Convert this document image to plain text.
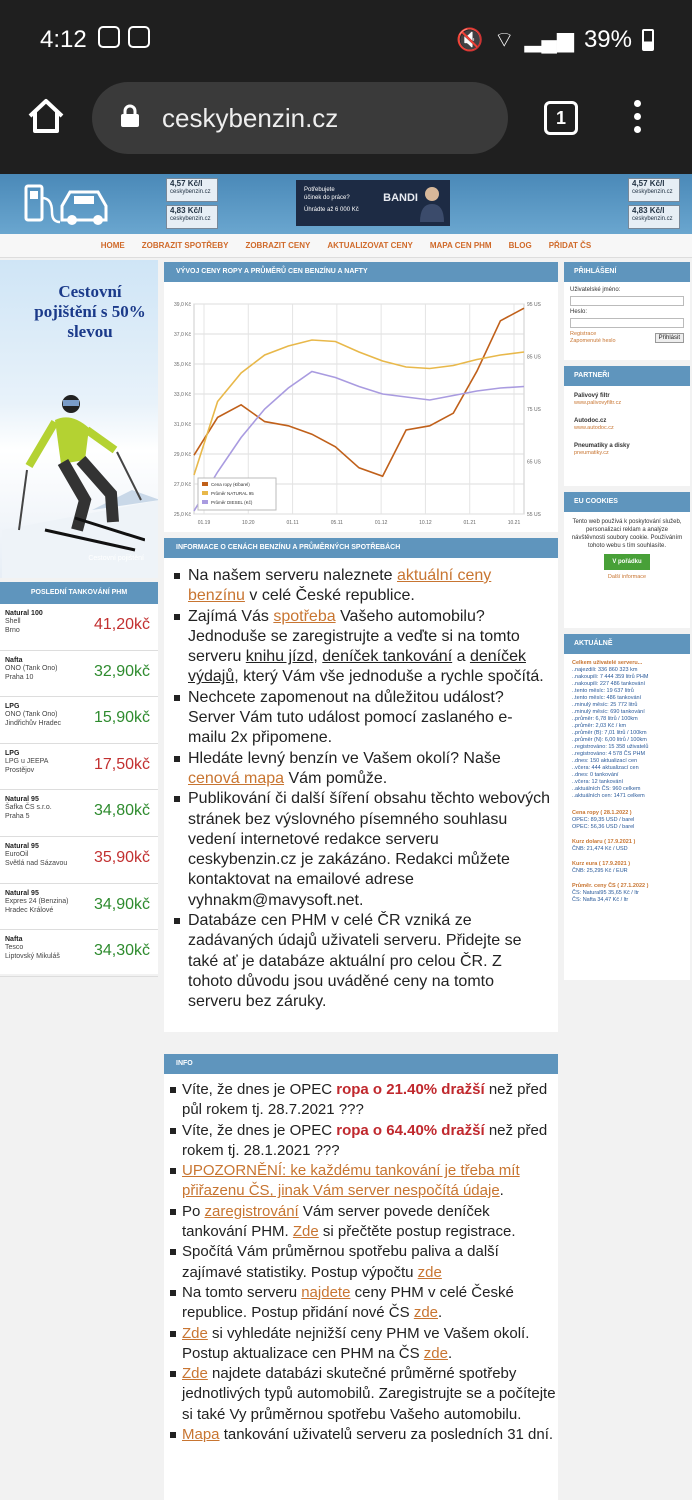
4:12	🔇 ⌔ ▂▄▆ 39%
ceskybenzin.cz	1
4,57 Kč/l
ceskybenzin.cz
4,83 Kč/l
ceskybenzin.cz
4,57 Kč/l
ceskybenzin.cz
4,83 Kč/l
ceskybenzin.cz
Potřebujete
účinek do práce?
Úhrádte až 6 000 Kč
BANDI
HOME ZOBRAZIT SPOTŘEBY ZOBRAZIT CENY AKTUALIZOVAT CENY MAPA CEN PHM BLOG PŘIDAT ČS
Cestovní pojištění s 50% slevou
Cestovní pojištění
POSLEDNÍ TANKOVÁNÍ PHM
Natural 100
Shell
Brno	41,20kč
Nafta
ONO (Tank Ono)
Praha 10	32,90kč
LPG
ONO (Tank Ono)
Jindřichův Hradec	15,90kč
LPG
LPG u JEEPA
Prostějov	17,50kč
Natural 95
Šafka ČS s.r.o.
Praha 5	34,80kč
Natural 95
EuroOil
Světlá nad Sázavou	35,90kč
Natural 95
Expres 24 (Benzina)
Hradec Králové	34,90kč
Nafta
Tesco
Liptovský Mikuláš	34,30kč
VÝVOJ CENY ROPY A PRŮMĚRŮ CEN BENZÍNU A NAFTY
39,0 Kč
37,0 Kč
35,0 Kč
33,0 Kč
31,0 Kč
29,0 Kč
27,0 Kč
25,0 Kč
95 US
85 US
75 US
65 US
55 US
01.19	10.20	01.11	05.11	01.12	10.12	01.21	10.21
Cena ropy (€/barel)
Průměr NATURAL 95
Průměr DIESEL (Kč)
INFORMACE O CENÁCH BENZÍNU A PRŮMĚRNÝCH SPOTŘEBÁCH
Na našem serveru naleznete aktuální ceny benzínu v celé České republice.
Zajímá Vás spotřeba Vašeho automobilu? Jednoduše se zaregistrujte a veďte si na tomto serveru knihu jízd, deníček tankování a deníček výdajů, který Vám vše jednoduše a rychle spočítá.
Nechcete zapomenout na důležitou událost? Server Vám tuto událost pomocí zaslaného e-mailu 2x připomene.
Hledáte levný benzín ve Vašem okolí? Naše cenová mapa Vám pomůže.
Publikování či další šíření obsahu těchto webových stránek bez výslovného písemného souhlasu vedení internetové redakce serveru ceskybenzin.cz je zakázáno. Redakci můžete kontaktovat na emailové adrese vyhnakm@mavysoft.net.
Databáze cen PHM v celé ČR vzniká ze zadávaných údajů uživateli serveru. Přidejte se také ať je databáze aktuální pro celou ČR. Z tohoto důvodu jsou uváděné ceny na tomto serveru bez záruky.
INFO
Víte, že dnes je OPEC ropa o 21.40% dražší než před půl rokem tj. 28.7.2021 ???
Víte, že dnes je OPEC ropa o 64.40% dražší než před rokem tj. 28.1.2021 ???
UPOZORNĚNÍ: ke každému tankování je třeba mít přiřazenu ČS, jinak Vám server nespočítá údaje.
Po zaregistrování Vám server povede deníček tankování PHM. Zde si přečtěte postup registrace.
Spočítá Vám průměrnou spotřebu paliva a další zajímavé statistiky. Postup výpočtu zde
Na tomto serveru najdete ceny PHM v celé České republice. Postup přidání nové ČS zde.
Zde si vyhledáte nejnižší ceny PHM ve Vašem okolí. Postup aktualizace cen PHM na ČS zde.
Zde najdete databázi skutečné průměrné spotřeby jednotlivých typů automobilů. Zaregistrujte se a počítejte si také Vy průměrnou spotřebu Vašeho automobilu.
Mapa tankování uživatelů serveru za posledních 31 dní.
PŘIHLÁŠENÍ
Uživatelské jméno:
Heslo:
Registrace
Zapomenuté heslo	Přihlásit
PARTNEŘI
Palivový filtr
www.palivovyfiltr.cz
Autodoc.cz
www.autodoc.cz
Pneumatiky a disky
pneumatiky.cz
EU COOKIES
Tento web používá k poskytování služeb, personalizaci reklam a analýze návštěvnosti soubory cookie. Používáním tohoto webu s tím souhlasíte.
V pořádku
Další informace
AKTUÁLNĚ
Celkem uživatelé serveru...
..najezdili: 336 860 323 km
..nakoupili: 7 444 359 litrů PHM
..nakoupili: 227 486 tankování
..tento měsíc: 19 637 litrů
..tento měsíc: 486 tankování
..minulý měsíc: 25 772 litrů
..minulý měsíc: 690 tankování
..průměr: 6,78 litrů / 100km
..průměr: 2,03 Kč / km
..průměr (B): 7,01 litrů / 100km
..průměr (N): 6,00 litrů / 100km
..registrováno: 15 358 uživatelů
..registrováno: 4 578 ČS PHM
..dnes: 150 aktualizací cen
..včera: 444 aktualizací cen
..dnes: 0 tankování
..včera: 12 tankování
..aktuálních ČS: 960 celkem
..aktuálních cen: 1471 celkem
Cena ropy ( 28.1.2022 )
OPEC: 89,35 USD / barel
OPEC: 56,36 USD / barel
Kurz dolaru ( 17.9.2021 )
ČNB: 21,474 Kč / USD
Kurz eura ( 17.9.2021 )
ČNB: 25,295 Kč / EUR
Průměr. ceny ČS ( 27.1.2022 )
ČS: Natural95 35,65 Kč / ltr
ČS: Nafta 34,47 Kč / ltr
